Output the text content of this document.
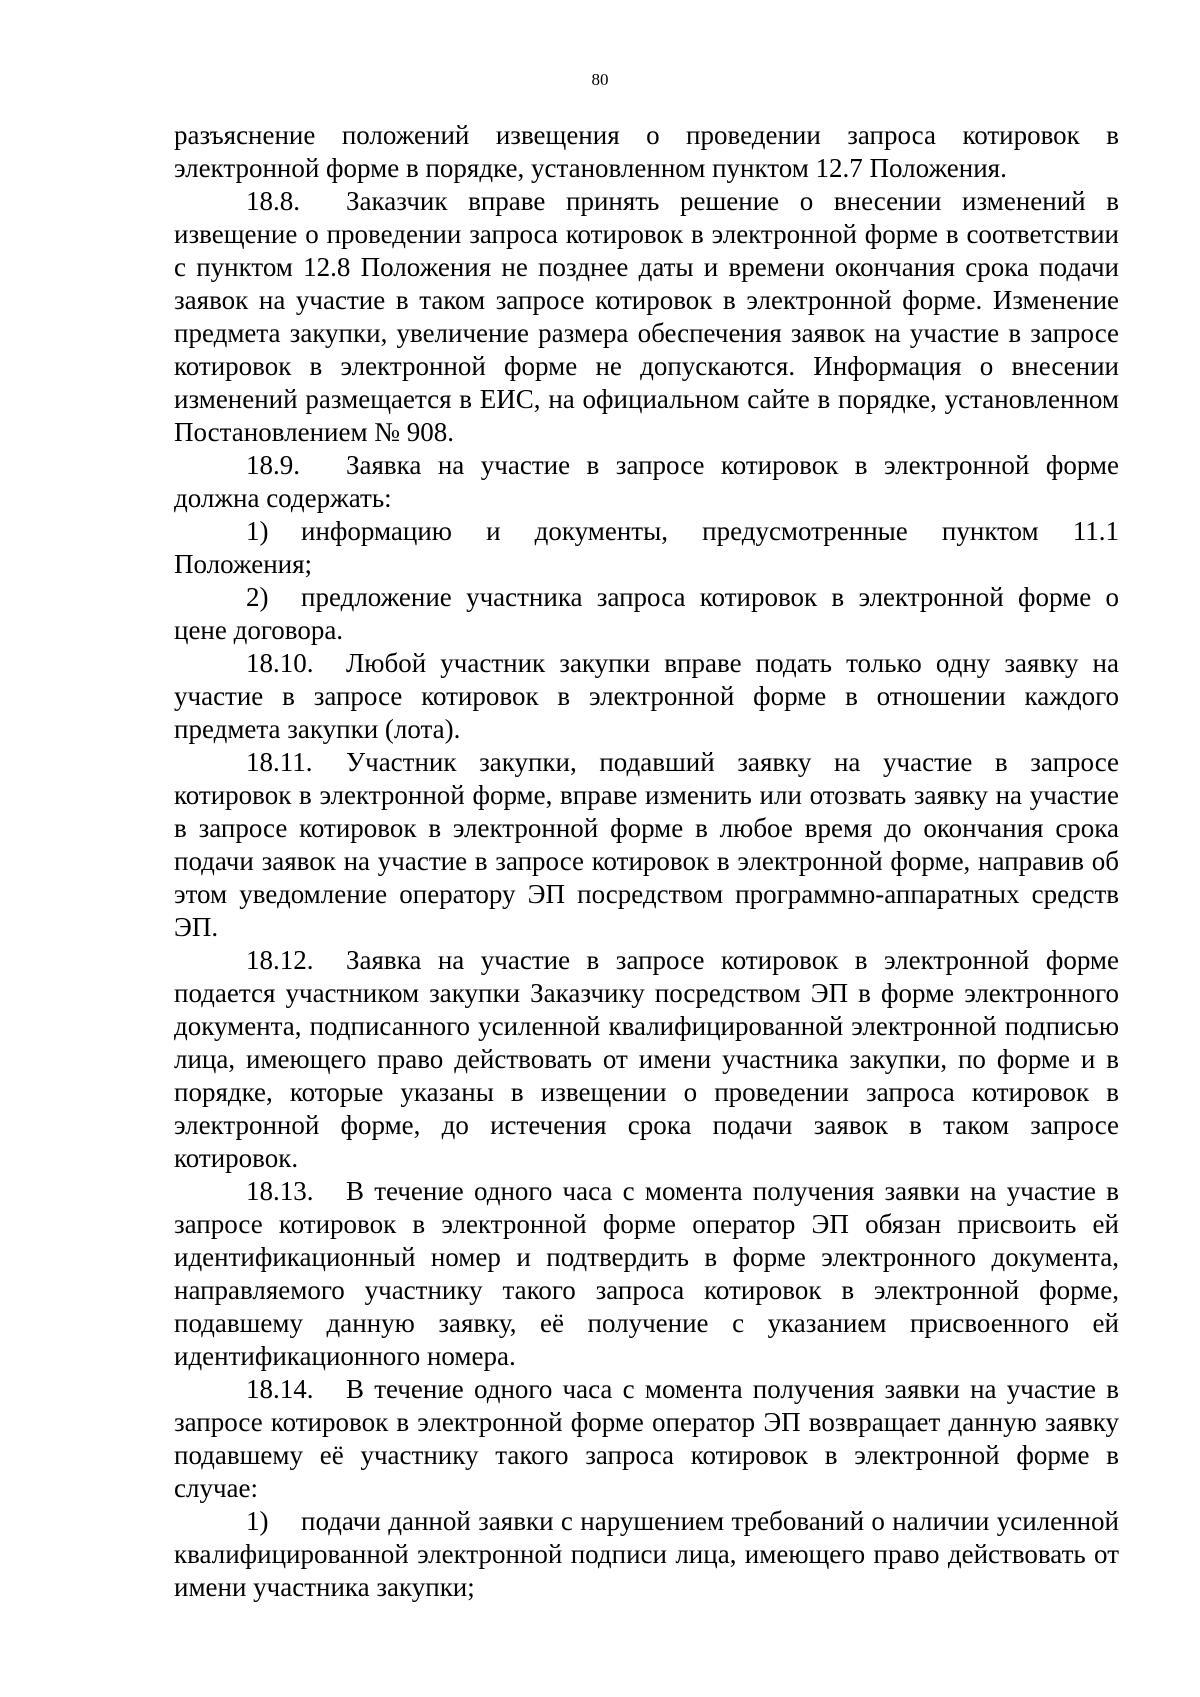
80

разъяснение положений извещения о проведении запроса котировок в электронной форме в порядке, установленном пунктом 12.7 Положения.

18.8. Заказчик вправе принять решение о внесении изменений в извещение о проведении запроса котировок в электронной форме в соответствии с пунктом 12.8 Положения не позднее даты и времени окончания срока подачи заявок на участие в таком запросе котировок в электронной форме. Изменение предмета закупки, увеличение размера обеспечения заявок на участие в запросе котировок в электронной форме не допускаются. Информация о внесении изменений размещается в ЕИС, на официальном сайте в порядке, установленном Постановлением № 908.

18.9. Заявка на участие в запросе котировок в электронной форме должна содержать:

1) информацию и документы, предусмотренные пунктом 11.1 Положения;

2) предложение участника запроса котировок в электронной форме о цене договора.

18.10. Любой участник закупки вправе подать только одну заявку на участие в запросе котировок в электронной форме в отношении каждого предмета закупки (лота).

18.11. Участник закупки, подавший заявку на участие в запросе котировок в электронной форме, вправе изменить или отозвать заявку на участие в запросе котировок в электронной форме в любое время до окончания срока подачи заявок на участие в запросе котировок в электронной форме, направив об этом уведомление оператору ЭП посредством программно-аппаратных средств ЭП.

18.12. Заявка на участие в запросе котировок в электронной форме подается участником закупки Заказчику посредством ЭП в форме электронного документа, подписанного усиленной квалифицированной электронной подписью лица, имеющего право действовать от имени участника закупки, по форме и в порядке, которые указаны в извещении о проведении запроса котировок в электронной форме, до истечения срока подачи заявок в таком запросе котировок.

18.13. В течение одного часа с момента получения заявки на участие в запросе котировок в электронной форме оператор ЭП обязан присвоить ей идентификационный номер и подтвердить в форме электронного документа, направляемого участнику такого запроса котировок в электронной форме, подавшему данную заявку, её получение с указанием присвоенного ей идентификационного номера.

18.14. В течение одного часа с момента получения заявки на участие в запросе котировок в электронной форме оператор ЭП возвращает данную заявку подавшему её участнику такого запроса котировок в электронной форме в случае:

1) подачи данной заявки с нарушением требований о наличии усиленной квалифицированной электронной подписи лица, имеющего право действовать от имени участника закупки;
